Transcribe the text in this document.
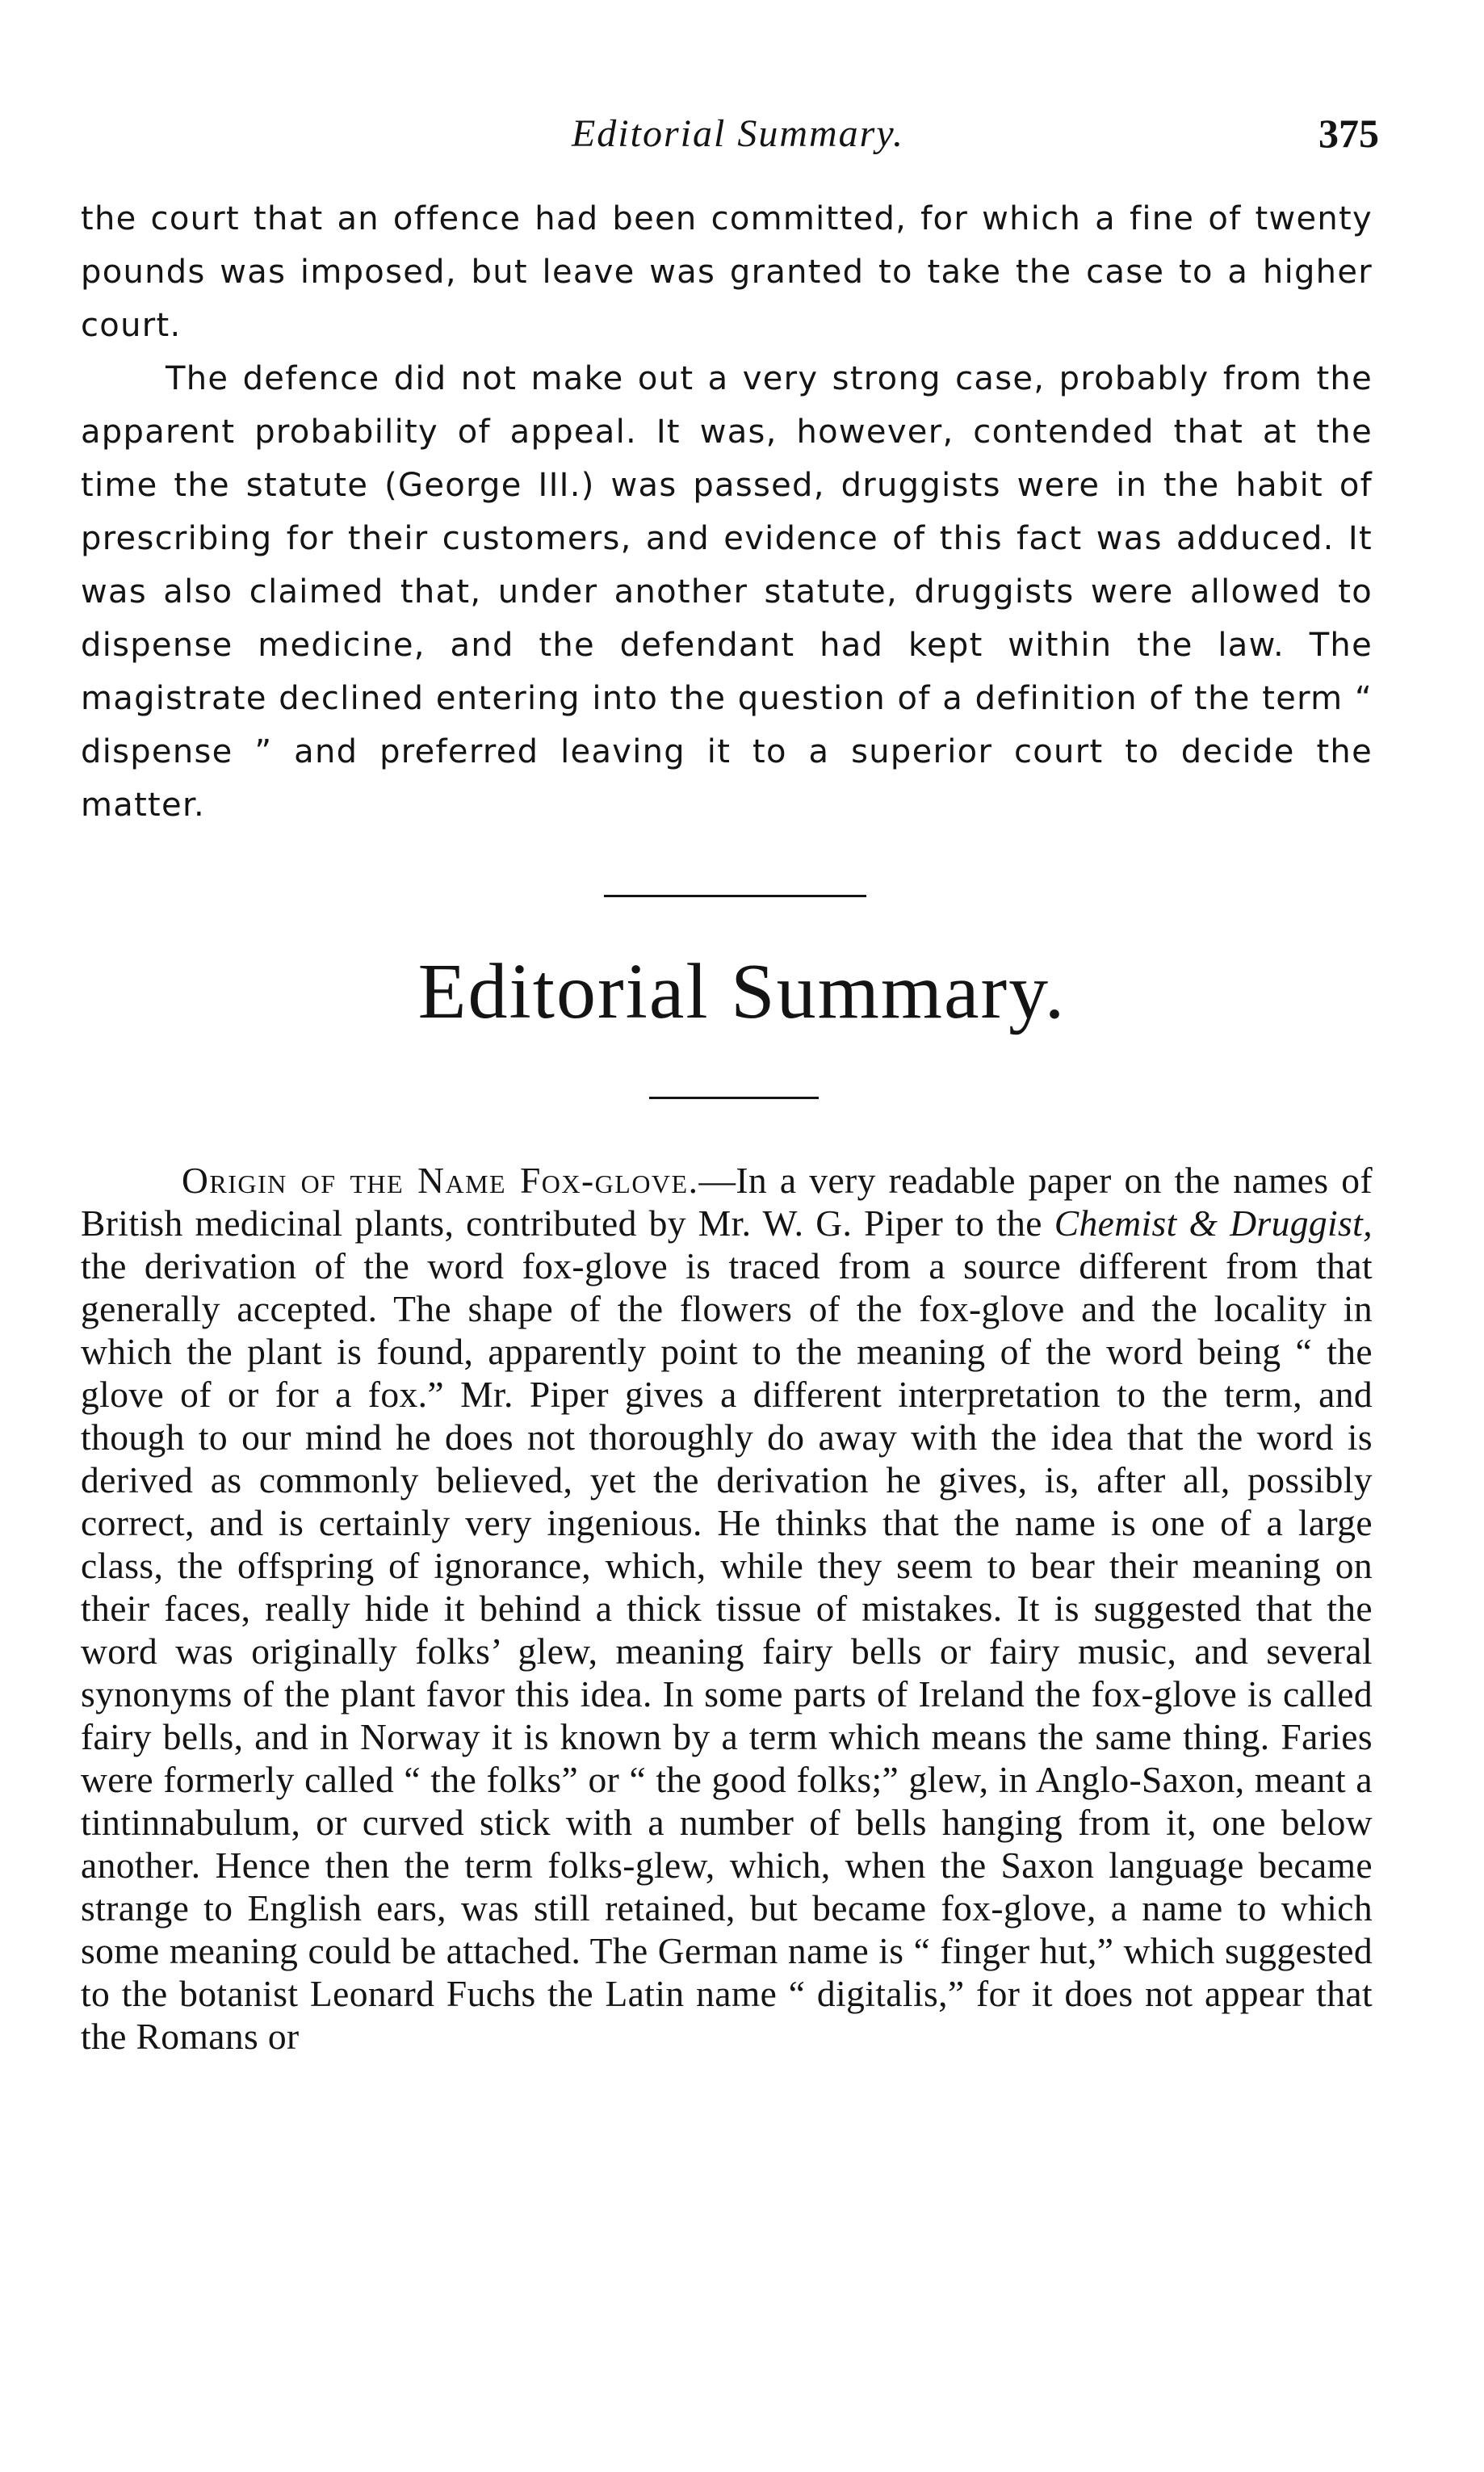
Editorial Summary.	375

the court that an offence had been committed, for which a fine of twenty pounds was imposed, but leave was granted to take the case to a higher court.

The defence did not make out a very strong case, probably from the apparent probability of appeal. It was, however, contended that at the time the statute (George III.) was passed, druggists were in the habit of prescribing for their customers, and evidence of this fact was adduced. It was also claimed that, under another statute, druggists were allowed to dispense medicine, and the defendant had kept within the law. The magistrate declined entering into the question of a definition of the term “ dispense ” and preferred leaving it to a superior court to decide the matter.

Editorial Summary.

Origin of the Name Fox-glove.—In a very readable paper on the names of British medicinal plants, contributed by Mr. W. G. Piper to the Chemist & Druggist, the derivation of the word fox-glove is traced from a source different from that generally accepted. The shape of the flowers of the fox-glove and the locality in which the plant is found, apparently point to the meaning of the word being “ the glove of or for a fox.” Mr. Piper gives a different interpretation to the term, and though to our mind he does not thoroughly do away with the idea that the word is derived as commonly believed, yet the derivation he gives, is, after all, possibly correct, and is certainly very ingenious. He thinks that the name is one of a large class, the offspring of ignorance, which, while they seem to bear their meaning on their faces, really hide it behind a thick tissue of mistakes. It is suggested that the word was originally folks’ glew, meaning fairy bells or fairy music, and several synonyms of the plant favor this idea. In some parts of Ireland the fox-glove is called fairy bells, and in Norway it is known by a term which means the same thing. Faries were formerly called “ the folks” or “ the good folks;” glew, in Anglo-Saxon, meant a tintinnabulum, or curved stick with a number of bells hanging from it, one below another. Hence then the term folks-glew, which, when the Saxon language became strange to English ears, was still retained, but became fox-glove, a name to which some meaning could be attached. The German name is “ finger hut,” which suggested to the botanist Leonard Fuchs the Latin name “ digitalis,” for it does not appear that the Romans or
